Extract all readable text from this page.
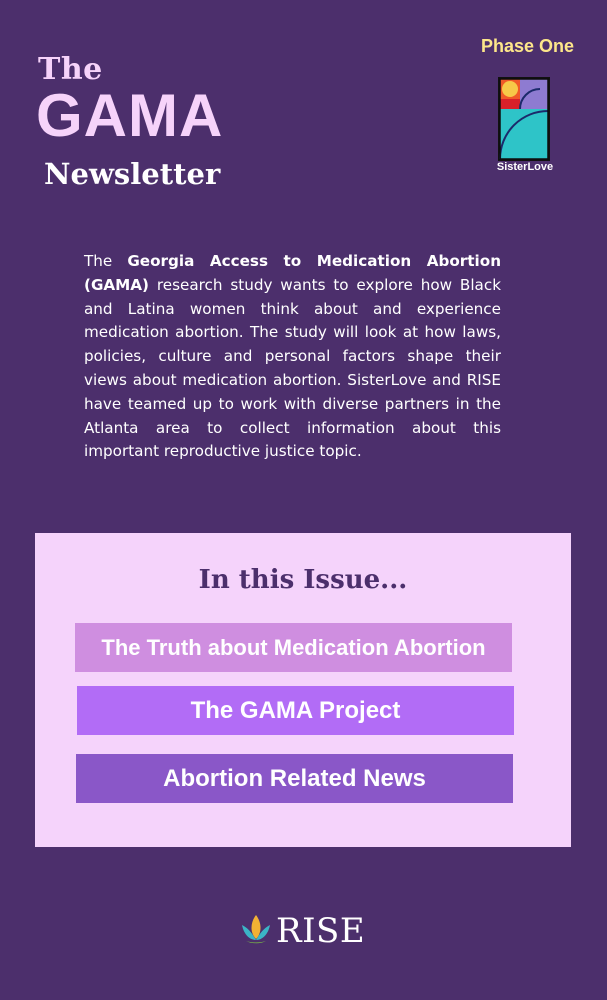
The
GAMA
Newsletter
Phase One
SisterLove
The Georgia Access to Medication Abortion (GAMA) research study wants to explore how Black and Latina women think about and experience medication abortion. The study will look at how laws, policies, culture and personal factors shape their views about medication abortion. SisterLove and RISE have teamed up to work with diverse partners in the Atlanta area to collect information about this important reproductive justice topic.
In this Issue...
The Truth about Medication Abortion
The GAMA Project
Abortion Related News
RISE
